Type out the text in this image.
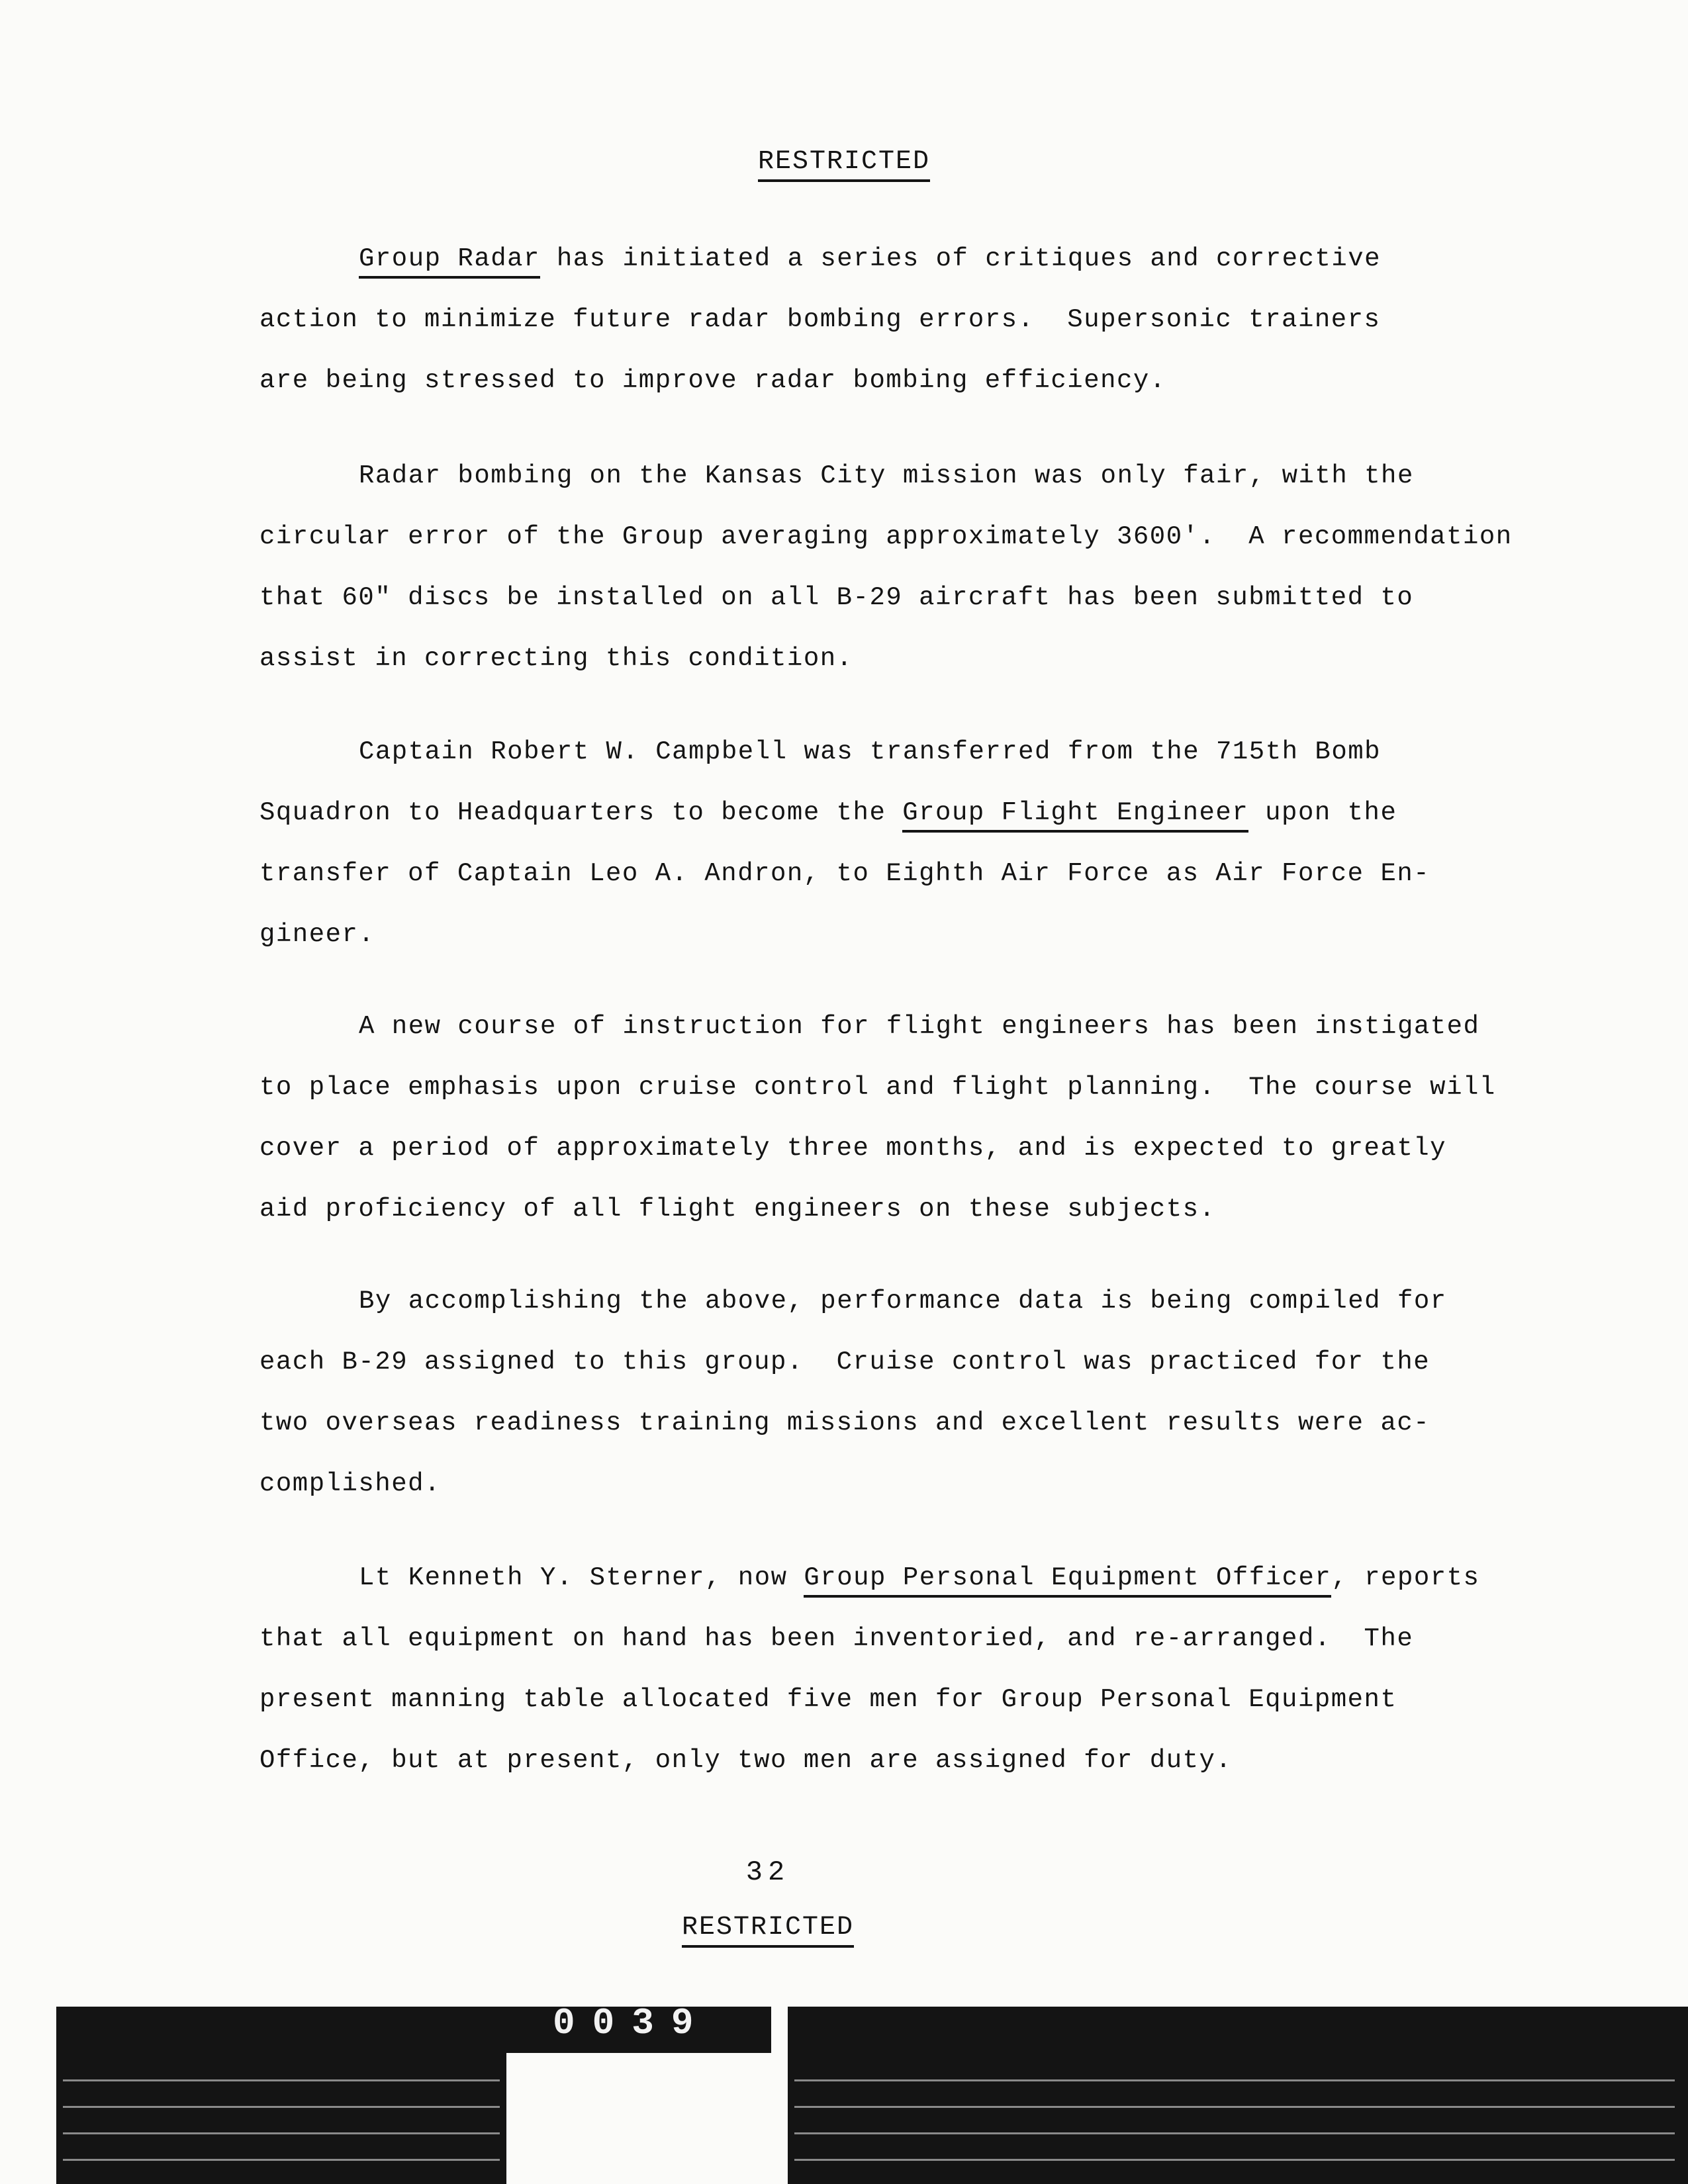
RESTRICTED
Group Radar has initiated a series of critiques and corrective
action to minimize future radar bombing errors.  Supersonic trainers
are being stressed to improve radar bombing efficiency.
Radar bombing on the Kansas City mission was only fair, with the
circular error of the Group averaging approximately 3600'.  A recommendation
that 60" discs be installed on all B-29 aircraft has been submitted to
assist in correcting this condition.
Captain Robert W. Campbell was transferred from the 715th Bomb
Squadron to Headquarters to become the Group Flight Engineer upon the
transfer of Captain Leo A. Andron, to Eighth Air Force as Air Force En-
gineer.
A new course of instruction for flight engineers has been instigated
to place emphasis upon cruise control and flight planning.  The course will
cover a period of approximately three months, and is expected to greatly
aid proficiency of all flight engineers on these subjects.
By accomplishing the above, performance data is being compiled for
each B-29 assigned to this group.  Cruise control was practiced for the
two overseas readiness training missions and excellent results were ac-
complished.
Lt Kenneth Y. Sterner, now Group Personal Equipment Officer, reports
that all equipment on hand has been inventoried, and re-arranged.  The
present manning table allocated five men for Group Personal Equipment
Office, but at present, only two men are assigned for duty.
32
RESTRICTED
0039
